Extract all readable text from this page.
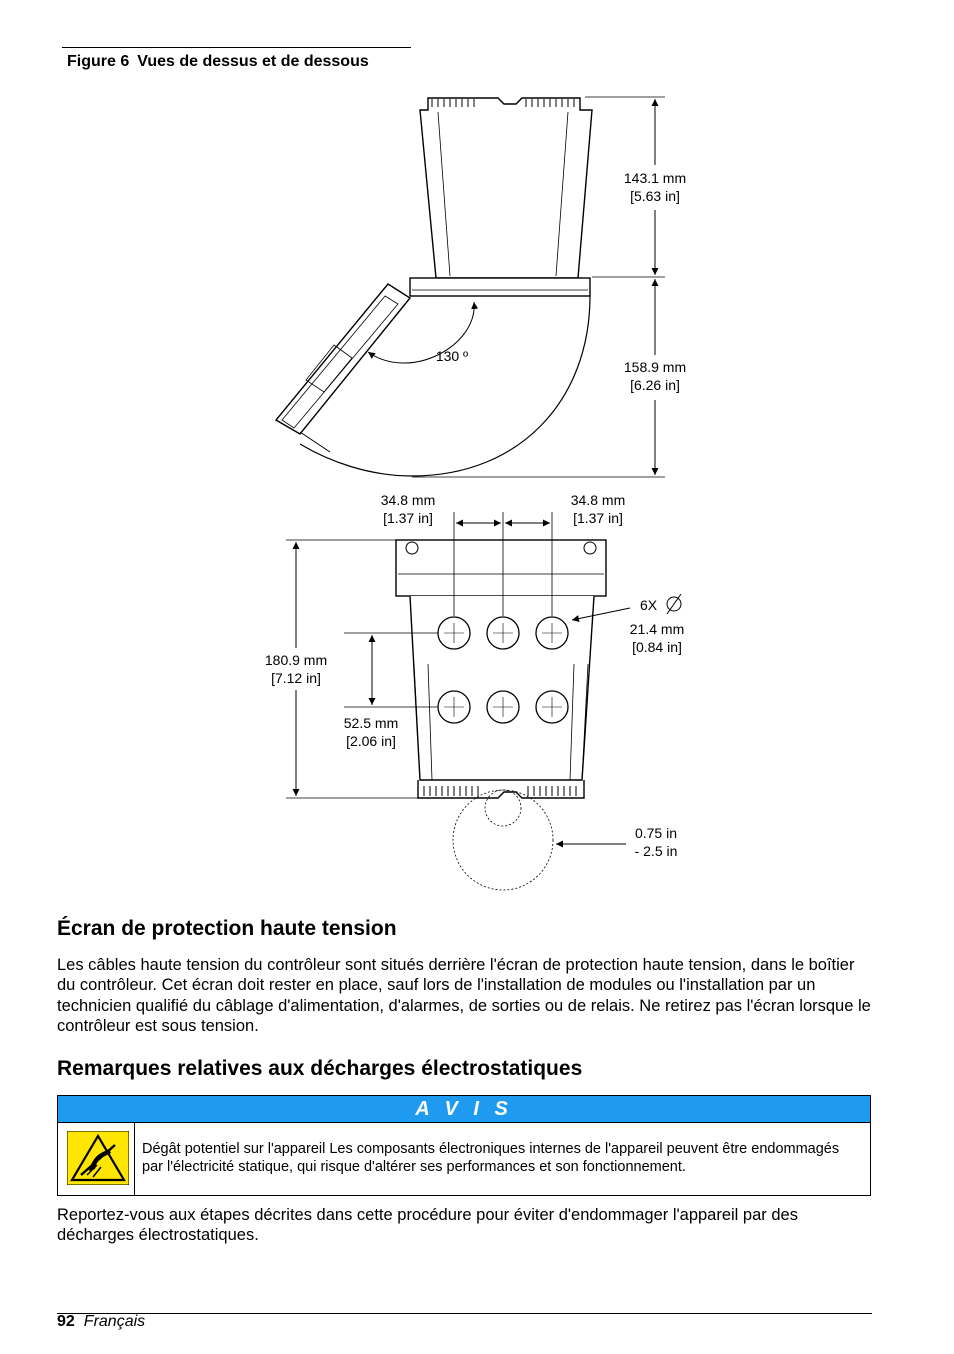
Figure 6 Vues de dessus et de dessous
143.1 mm
[5.63 in]
158.9 mm
[6.26 in]
130 º
34.8 mm
[1.37 in]
34.8 mm
[1.37 in]
180.9 mm
[7.12 in]
6X
21.4 mm
[0.84 in]
52.5 mm
[2.06 in]
0.75 in
- 2.5 in
Écran de protection haute tension

Les câbles haute tension du contrôleur sont situés derrière l'écran de protection haute tension, dans le boîtier du contrôleur. Cet écran doit rester en place, sauf lors de l'installation de modules ou l'installation par un technicien qualifié du câblage d'alimentation, d'alarmes, de sorties ou de relais. Ne retirez pas l'écran lorsque le contrôleur est sous tension.

Remarques relatives aux décharges électrostatiques
A V I S
Dégât potentiel sur l'appareil Les composants électroniques internes de l'appareil peuvent être endommagés par l'électricité statique, qui risque d'altérer ses performances et son fonctionnement.

Reportez-vous aux étapes décrites dans cette procédure pour éviter d'endommager l'appareil par des décharges électrostatiques.

92 Français
